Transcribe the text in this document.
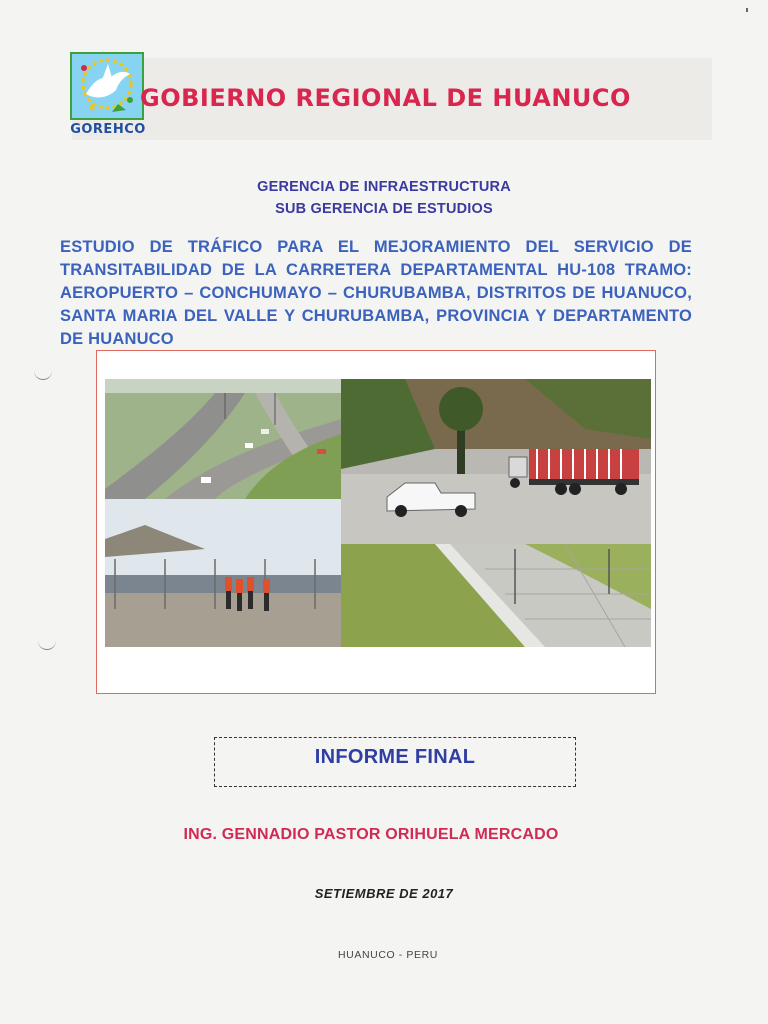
GOREHCO
GOBIERNO REGIONAL DE HUANUCO
GERENCIA DE INFRAESTRUCTURA
SUB GERENCIA DE ESTUDIOS
ESTUDIO DE TRÁFICO PARA EL MEJORAMIENTO DEL SERVICIO DE TRANSITABILIDAD DE LA CARRETERA DEPARTAMENTAL HU-108 TRAMO: AEROPUERTO – CONCHUMAYO – CHURUBAMBA, DISTRITOS DE HUANUCO, SANTA MARIA DEL VALLE Y CHURUBAMBA, PROVINCIA Y DEPARTAMENTO DE HUANUCO
INFORME FINAL
ING. GENNADIO PASTOR ORIHUELA MERCADO
SETIEMBRE DE 2017
HUANUCO - PERU
